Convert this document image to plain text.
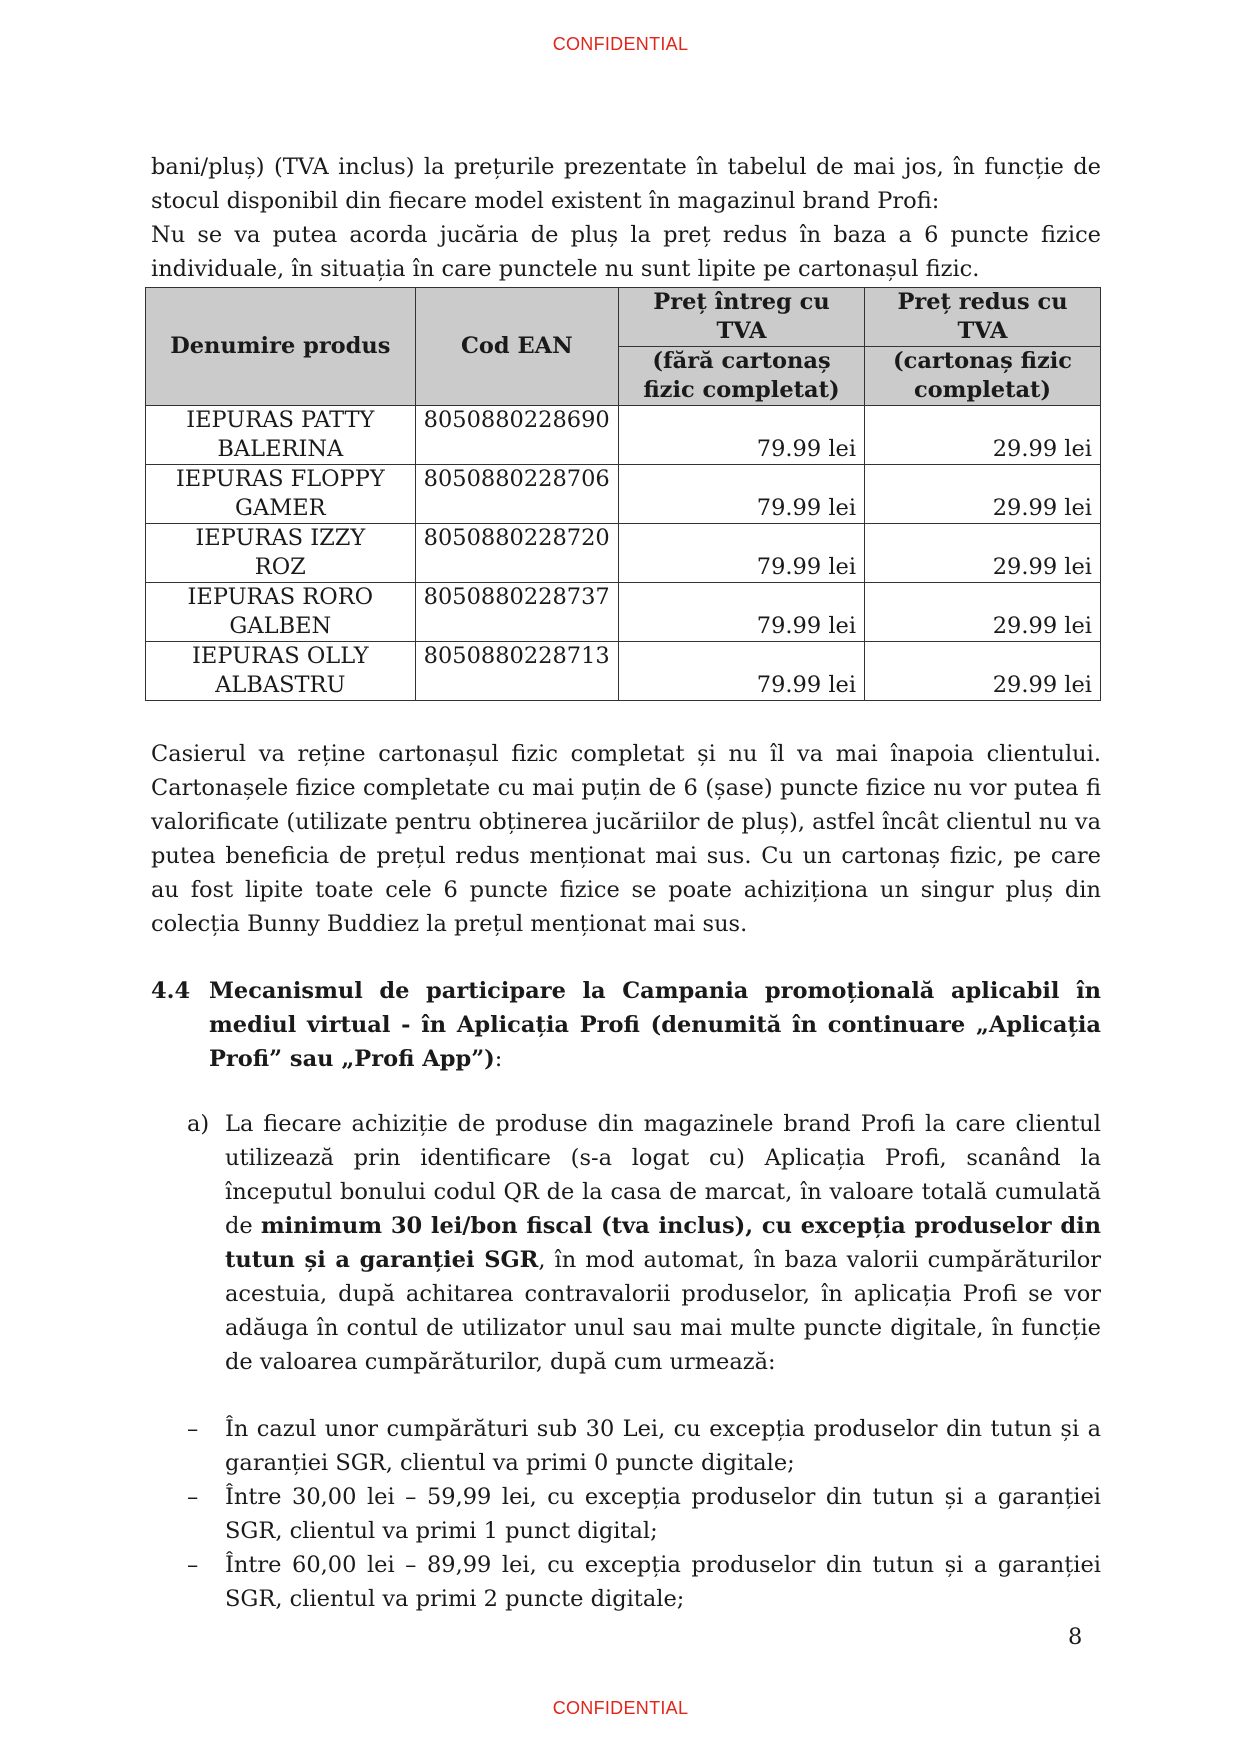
CONFIDENTIAL

bani/pluș) (TVA inclus) la prețurile prezentate în tabelul de mai jos, în funcție de stocul disponibil din fiecare model existent în magazinul brand Profi:

Nu se va putea acorda jucăria de pluș la preț redus în baza a 6 puncte fizice individuale, în situația în care punctele nu sunt lipite pe cartonașul fizic.

Denumire produs	Cod EAN	Preț întreg cu TVA	Preț redus cu TVA
		(fără cartonaș fizic completat)	(cartonaș fizic completat)
IEPURAS PATTY
BALERINA	8050880228690	79.99 lei	29.99 lei
IEPURAS FLOPPY
GAMER	8050880228706	79.99 lei	29.99 lei
IEPURAS IZZY
ROZ	8050880228720	79.99 lei	29.99 lei
IEPURAS RORO
GALBEN	8050880228737	79.99 lei	29.99 lei
IEPURAS OLLY
ALBASTRU	8050880228713	79.99 lei	29.99 lei

Casierul va reține cartonașul fizic completat și nu îl va mai înapoia clientului. Cartonașele fizice completate cu mai puțin de 6 (șase) puncte fizice nu vor putea fi valorificate (utilizate pentru obținerea jucăriilor de pluș), astfel încât clientul nu va putea beneficia de prețul redus menționat mai sus. Cu un cartonaș fizic, pe care au fost lipite toate cele 6 puncte fizice se poate achiziționa un singur pluș din colecția Bunny Buddiez la prețul menționat mai sus.

4.4 Mecanismul de participare la Campania promoțională aplicabil în mediul virtual - în Aplicația Profi (denumită în continuare „Aplicația Profi” sau „Profi App”):
a) La fiecare achiziție de produse din magazinele brand Profi la care clientul utilizează prin identificare (s-a logat cu) Aplicația Profi, scanând la începutul bonului codul QR de la casa de marcat, în valoare totală cumulată de minimum 30 lei/bon fiscal (tva inclus), cu excepția produselor din tutun și a garanției SGR, în mod automat, în baza valorii cumpărăturilor acestuia, după achitarea contravalorii produselor, în aplicația Profi se vor adăuga în contul de utilizator unul sau mai multe puncte digitale, în funcție de valoarea cumpărăturilor, după cum urmează:

– În cazul unor cumpărături sub 30 Lei, cu excepția produselor din tutun și a garanției SGR, clientul va primi 0 puncte digitale;
– Între 30,00 lei – 59,99 lei, cu excepția produselor din tutun și a garanției SGR, clientul va primi 1 punct digital;
– Între 60,00 lei – 89,99 lei, cu excepția produselor din tutun și a garanției SGR, clientul va primi 2 puncte digitale;
8
CONFIDENTIAL
